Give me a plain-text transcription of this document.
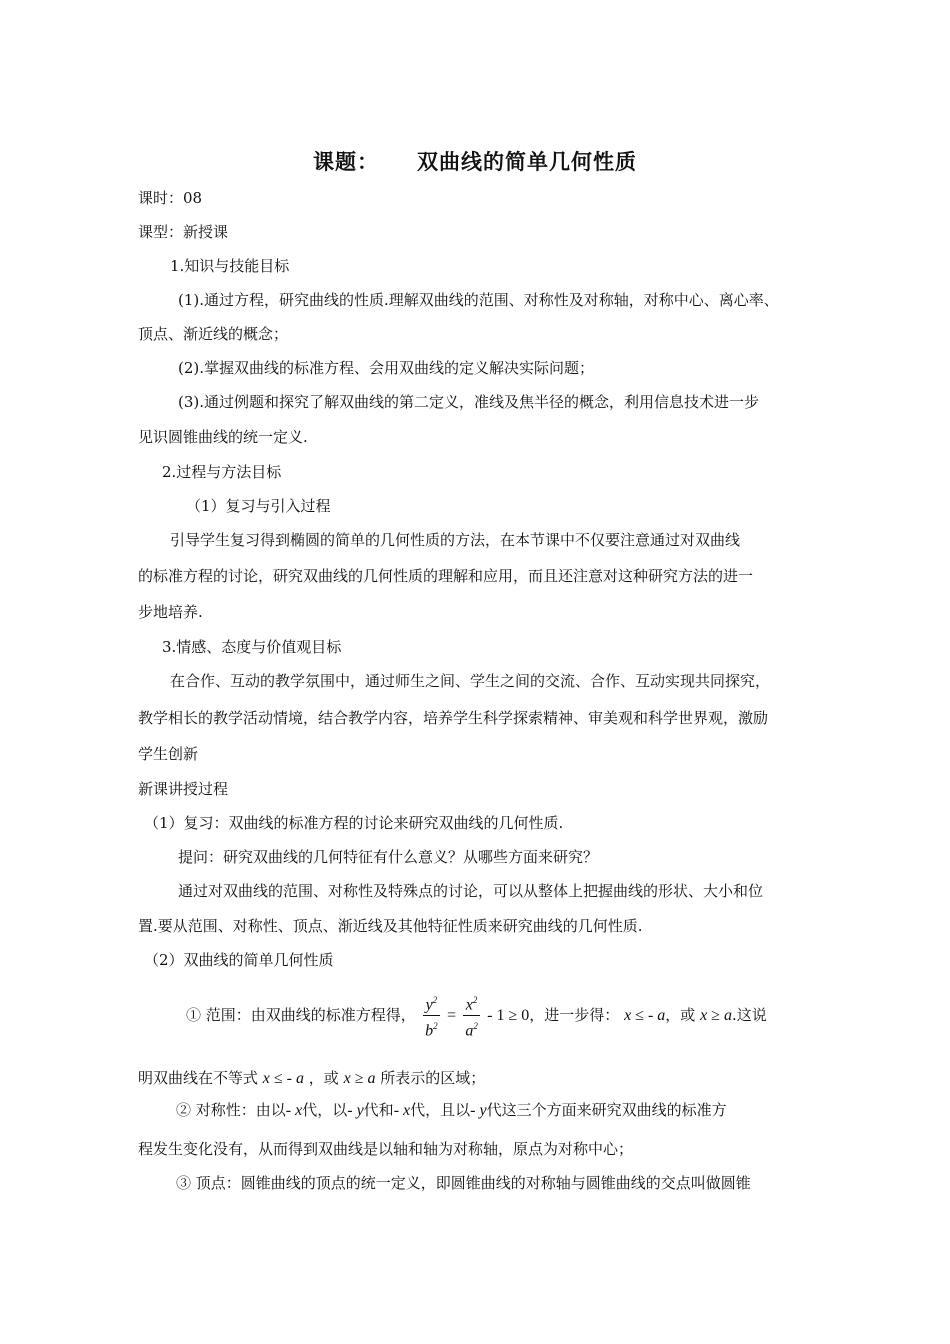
课题： 双曲线的简单几何性质
课时：08
课型：新授课
1.知识与技能目标
(1).通过方程，研究曲线的性质.理解双曲线的范围、对称性及对称轴，对称中心、离心率、
顶点、渐近线的概念；
(2).掌握双曲线的标准方程、会用双曲线的定义解决实际问题；
(3).通过例题和探究了解双曲线的第二定义，准线及焦半径的概念，利用信息技术进一步
见识圆锥曲线的统一定义.
2.过程与方法目标
（1）复习与引入过程
引导学生复习得到椭圆的简单的几何性质的方法，在本节课中不仅要注意通过对双曲线
的标准方程的讨论，研究双曲线的几何性质的理解和应用，而且还注意对这种研究方法的进一
步地培养.
3.情感、态度与价值观目标
在合作、互动的教学氛围中，通过师生之间、学生之间的交流、合作、互动实现共同探究，
教学相长的教学活动情境，结合教学内容，培养学生科学探索精神、审美观和科学世界观，激励
学生创新
新课讲授过程
（1）复习：双曲线的标准方程的讨论来研究双曲线的几何性质.
提问：研究双曲线的几何特征有什么意义？从哪些方面来研究？
通过对双曲线的范围、对称性及特殊点的讨论，可以从整体上把握曲线的形状、大小和位
置.要从范围、对称性、顶点、渐近线及其他特征性质来研究曲线的几何性质.
（2）双曲线的简单几何性质
① 范围：由双曲线的标准方程得， $\frac{y^2}{b^2} = \frac{x^2}{a^2} - 1 \ge 0$，进一步得： x ≤ - a，或 x ≥ a.这说
明双曲线在不等式 x ≤ - a ，或 x ≥ a 所表示的区域；
② 对称性：由以- x代，以- y代和- x代，且以- y代这三个方面来研究双曲线的标准方
程发生变化没有，从而得到双曲线是以轴和轴为对称轴，原点为对称中心；
③ 顶点：圆锥曲线的顶点的统一定义，即圆锥曲线的对称轴与圆锥曲线的交点叫做圆锥
